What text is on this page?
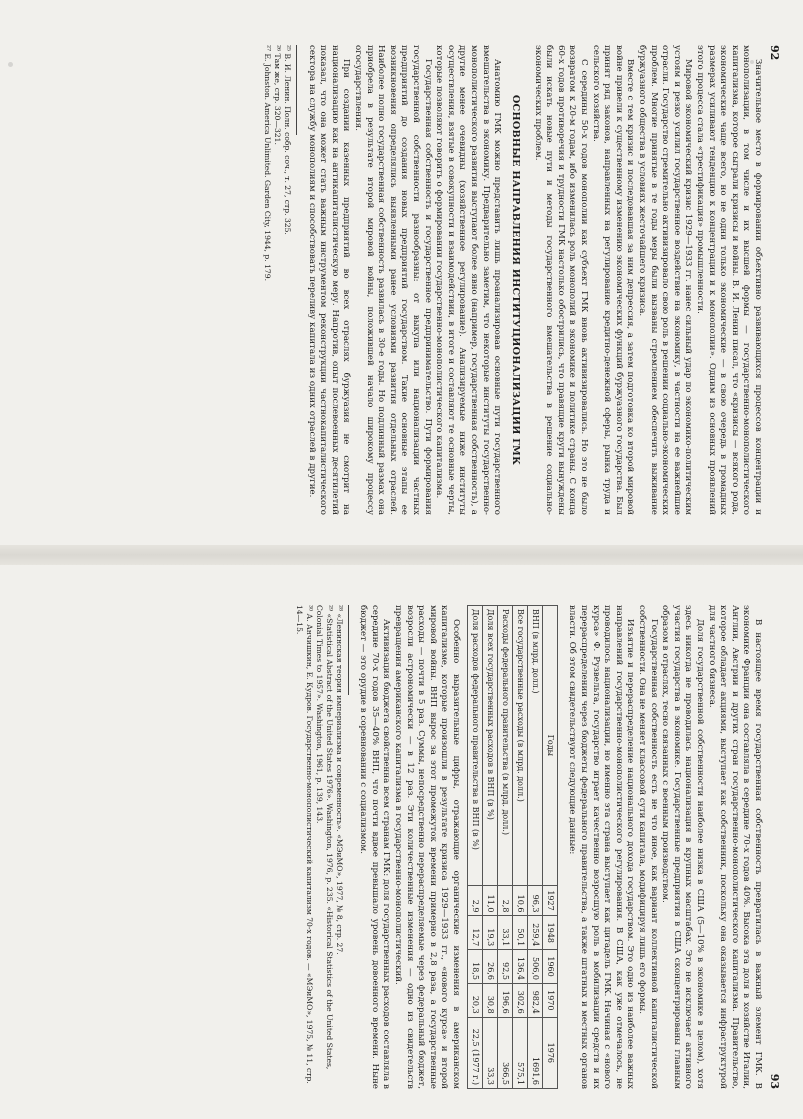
92

Значительное место в формировании объективно развивающихся процессов концентрации и монополизации, в том числе и их высшей формы — государственно-монополистического капитализма, которое сыграли кризисы и войны. В. И. Ленин писал, что «кризисы — всякого рода, экономические чаще всего, но не одни только экономические — в свою очередь в громадных размерах усиливают тенденцию к концентрации и к монополии». Одним из основных проявлений этого процесса стала «трестификация» промышленности.

Мировой экономический кризис 1929—1933 гг. нанес сильный удар по экономико-политическим устоям и резко усилил государственное воздействие на экономику, в частности на ее важнейшие отрасли. Государство стремительно активизировало свою роль в решении социально-экономических проблем. Многие принятые в те годы меры были вызваны стремлением обеспечить выживание буржуазного общества в условиях жесточайшего кризиса.

Вместе с тем кризис и последовавшая за ним депрессия, а затем подготовка ко второй мировой войне привели к существенному изменению экономических функций буржуазного государства. Был принят ряд законов, направленных на регулирование кредитно-денежной сферы, рынка труда и сельского хозяйства.

С середины 50-х годов монополии как субъект ГМК вновь активизировались. Но это не было возвратом к 20-м годам, ибо изменилась роль монополий в экономике и политике страны. С конца 60-х годов противоречия и трудности ГМК настолько обострились, что правящие круги вынуждены были искать новые пути и методы государственного вмешательства в решение социально-экономических проблем.

ОСНОВНЫЕ НАПРАВЛЕНИЯ ИНСТИТУЦИОНАЛИЗАЦИИ ГМК

Анатомию ГМК можно представить лишь проанализировав основные пути государственного вмешательства в экономику. Предварительно заметим, что некоторые институты государственно-монополистического развития выступают более явно (например, государственная собственность), а другие менее очевидны (хозяйственное регулирование). Анализируемые ниже институты осуществления, взятые в совокупности и взаимодействии, в итоге и составляют те основные черты, которые позволяют говорить о формировании государственно-монополистического капитализма.

Государственная собственность и государственное предпринимательство. Пути формирования государственной собственности разнообразны: от выкупа или национализации частных предприятий до создания новых предприятий государством. Такие основные этапы ее возникновения определялись выявленными ранее условиями развития отдельных отраслей. Наиболее полно государственная собственность развилась в 30-е годы. Но подлинный размах она приобрела в результате второй мировой войны, положившей начало широкому процессу огосударствления.

При создании казенных предприятий во всех отраслях буржуазия не смотрит на национализацию как на антикапиталистическую меру. Напротив, опыт послевоенных десятилетий показал, что она может стать важным инструментом реконструкции частнокапиталистического сектора на службу монополиям и способствовать переливу капитала из одних отраслей в другие.

²⁵ В. И. Ленин. Полн. собр. соч., т. 27, стр. 325.

²⁶ Там же, стр. 320—321.

²⁷ E. Johnston. America Unlimited. Garden City, 1944, p. 179.

93

В настоящее время государственная собственность превратилась в важный элемент ГМК. В экономике Франции она составляла в середине 70-х годов 40%. Высока эта доля в хозяйстве Италии, Англии, Австрии и других стран государственно-монополистического капитализма. Правительство, которое обладает акциями, выступает как собственник, поскольку она оказывается инфраструктурой для частного бизнеса.

Доля государственной собственности наиболее низка в США (5—10% в экономике в целом), хотя здесь никогда не проводилась национализация в крупных масштабах. Это не исключает активного участия государства в экономике. Государственные предприятия в США сконцентрированы главным образом в отраслях, тесно связанных с военным производством.

Государственная собственность есть не что иное, как вариант коллективной капиталистической собственности. Она не меняет классовой сути капитала, модифицируя лишь его формы.

Изъятие и перераспределение национального дохода государством. Это одно из наиболее важных направлений государственно-монополистического регулирования. В США, как уже отмечалось, не проводилось национализации, но именно эта страна выступает как цитадель ГМК. Начиная с «нового курса» Ф. Рузвельта, государство играет качественно возросшую роль в мобилизации средств и их перераспределении через бюджеты федерального правительства, а также штатных и местных органов власти. Об этом свидетельствуют следующие данные:

Годы	1927	1948	1960	1970	1976
ВНП (в млрд. долл.)	96,3	259,4	506,0	982,4	1691,6
Все государственные расходы (в млрд. долл.)	10,6	50,1	136,4	302,6	575,1
Расходы федерального правительства (в млрд. долл.)	2,8	33,1	92,5	196,6	366,5
Доля всех государственных расходов в ВНП (в %)	11,0	19,3	26,6	30,8	33,3
Доля расходов федерального правительства в ВНП (в %)	2,9	12,7	18,5	20,3	22,5 (1977 г.)

Особенно выразительные цифры, отражающие органические изменения в американском капитализме, которые произошли в результате кризиса 1929—1933 гг., «нового курса» и второй мировой войны. ВНП вырос за этот промежуток времени примерно в 2,8 раза, а государственные расходы — почти в 5 раз. Суммы, непосредственно перераспределяемые через федеральный бюджет, возросли астрономически — в 12 раз. Эти количественные изменения — одно из свидетельств превращения американского капитализма в государственно-монополистический.

Активизация бюджета свойственна всем странам ГМК: доля государственных расходов составляла в середине 70-х годов 35—40% ВНП, что почти вдвое превышало уровень довоенного времени. Ныне бюджет — это орудие в соревновании с социализмом.

²⁸ «Ленинская теория империализма и современность». «МЭиМО», 1977, № 8, стр. 27.

²⁹ «Statistical Abstract of the United States 1976». Washington, 1976, p. 235. «Historical Statistics of the United States, Colonial Times to 1957». Washington, 1961, p. 139, 143.

³⁰ А. Анчишкин, Е. Кудров. Государственно-монополистический капитализм 70-х годов. — «МЭиМО», 1975, № 11, стр. 14—15.
